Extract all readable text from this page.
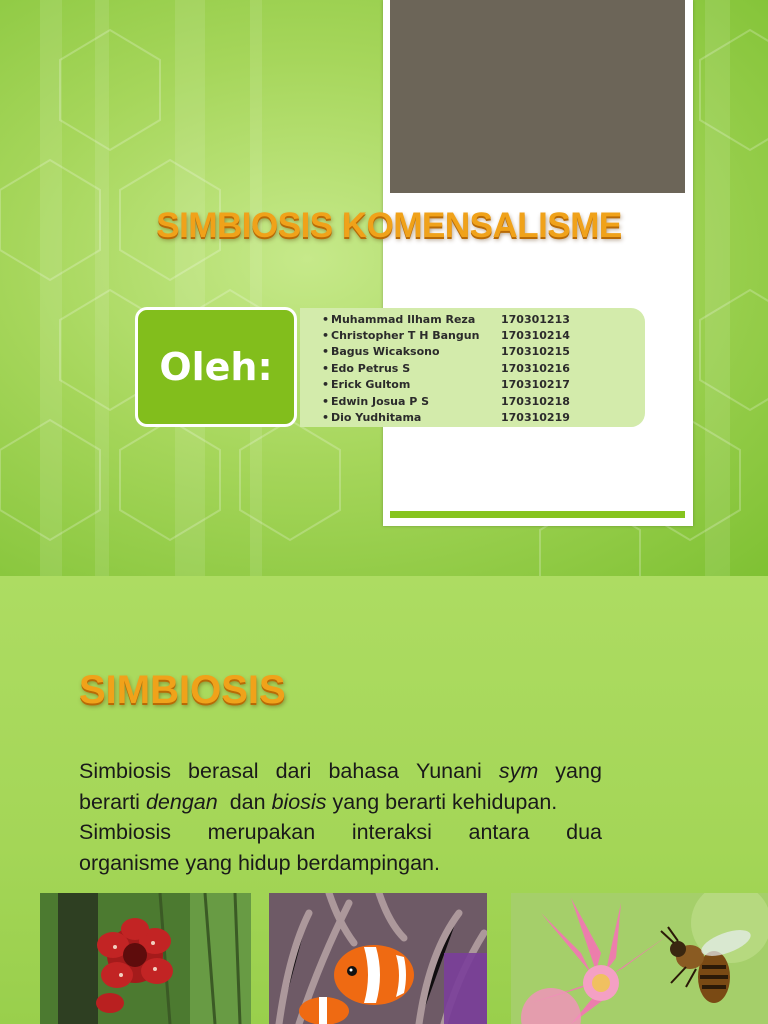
SIMBIOSIS KOMENSALISME
Oleh:
• Muhammad Ilham Reza	170301213
• Christopher T H Bangun	170310214
• Bagus Wicaksono	170310215
• Edo Petrus S	170310216
• Erick Gultom	170310217
• Edwin Josua P S	170310218
• Dio Yudhitama	170310219
SIMBIOSIS
Simbiosis berasal dari bahasa Yunani sym yang
berarti dengan dan biosis yang berarti kehidupan.
Simbiosis merupakan interaksi antara dua
organisme yang hidup berdampingan.
